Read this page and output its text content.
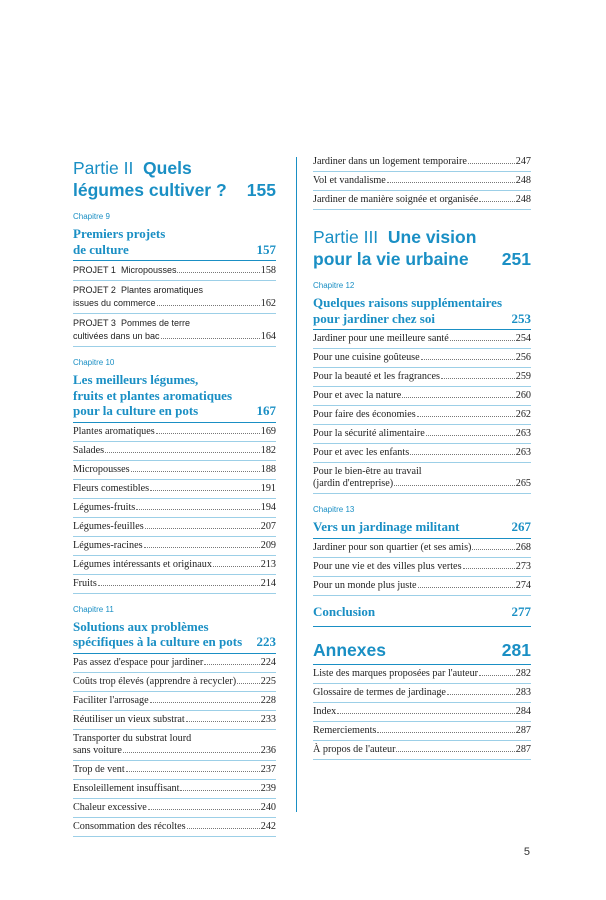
Partie II Quels
légumes cultiver ? 155
Chapitre 9
Premiers projets
de culture	157
PROJET 1 Micropousses	158
PROJET 2 Plantes aromatiques
issues du commerce	162
PROJET 3 Pommes de terre
cultivées dans un bac	164
Chapitre 10
Les meilleurs légumes,
fruits et plantes aromatiques
pour la culture en pots	167
Plantes aromatiques	169
Salades	182
Micropousses	188
Fleurs comestibles	191
Légumes-fruits	194
Légumes-feuilles	207
Légumes-racines	209
Légumes intéressants et originaux	213
Fruits	214
Chapitre 11
Solutions aux problèmes
spécifiques à la culture en pots 223
Pas assez d'espace pour jardiner	224
Coûts trop élevés (apprendre à recycler) 225
Faciliter l'arrosage	228
Réutiliser un vieux substrat	233
Transporter du substrat lourd
sans voiture	236
Trop de vent	237
Ensoleillement insuffisant	239
Chaleur excessive	240
Consommation des récoltes	242
Jardiner dans un logement temporaire	247
Vol et vandalisme	248
Jardiner de manière soignée et organisée	248
Partie III Une vision
pour la vie urbaine 251
Chapitre 12
Quelques raisons supplémentaires
pour jardiner chez soi	253
Jardiner pour une meilleure santé	254
Pour une cuisine goûteuse	256
Pour la beauté et les fragrances	259
Pour et avec la nature	260
Pour faire des économies	262
Pour la sécurité alimentaire	263
Pour et avec les enfants	263
Pour le bien-être au travail
(jardin d'entreprise)	265
Chapitre 13
Vers un jardinage militant	267
Jardiner pour son quartier (et ses amis)	268
Pour une vie et des villes plus vertes	273
Pour un monde plus juste	274
Conclusion	277
Annexes	281
Liste des marques proposées par l'auteur	282
Glossaire de termes de jardinage	283
Index	284
Remerciements	287
À propos de l'auteur	287
5
